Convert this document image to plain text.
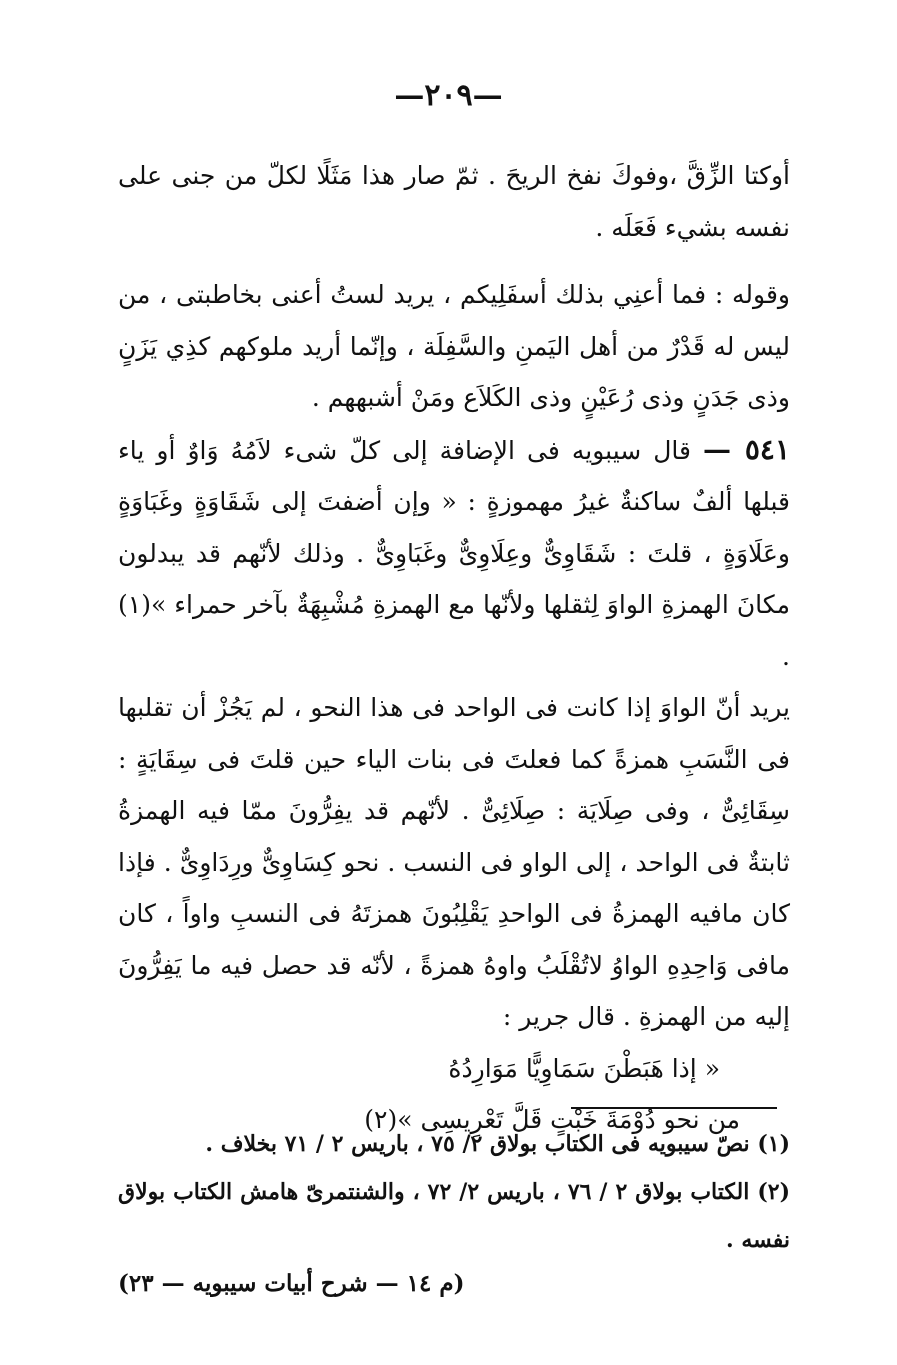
—٢٠٩—

أوكتا الزِّقَّ ،وفوكَ نفخ الريحَ . ثمّ صار هذا مَثَلًا لكلّ من جنى على نفسه بشيء فَعَلَه .

وقوله : فما أعنِي بذلك أسفَلِيكم ، يريد لستُ أعنى بخاطبتى ، من ليس له قَدْرٌ من أهل اليَمنِ والسَّفِلَة ، وإنّما أريد ملوكهم كذِي يَزَنٍ وذى جَدَنٍ وذى رُعَيْنٍ وذى الكَلاَع ومَنْ أشبههم .

٥٤١ — قال سيبويه فى الإضافة إلى كلّ شىء لاَمُهُ وَاوٌ أو ياء قبلها ألفٌ ساكنةٌ غيرُ مهموزةٍ : « وإن أضفتَ إلى شَقَاوَةٍ وغَبَاوَةٍ وعَلَاوَةٍ ، قلتَ : شَقَاوِىٌّ وعِلَاوِىٌّ وغَبَاوِىٌّ . وذلك لأنّهم قد يبدلون مكانَ الهمزةِ الواوَ لِثقلها ولأنّها مع الهمزةِ مُشْبِهَةٌ بآخر حمراء »(١) .

يريد أنّ الواوَ إذا كانت فى الواحد فى هذا النحو ، لم يَجُزْ أن تقلبها فى النَّسَبِ همزةً كما فعلتَ فى بنات الياء حين قلتَ فى سِقَايَةٍ : سِقَائِىٌّ ، وفى صِلَايَة : صِلَائِىٌّ . لأنّهم قد يفِرُّونَ ممّا فيه الهمزةُ ثابتةٌ فى الواحد ، إلى الواو فى النسب . نحو كِسَاوِىٌّ ورِدَاوِىٌّ . فإذا كان مافيه الهمزةُ فى الواحدِ يَقْلِبُونَ همزتَهُ فى النسبِ واواً ، كان مافى وَاحِدِهِ الواوُ لاتُقْلَبُ واوهُ همزةً ، لأنّه قد حصل فيه ما يَفِرُّونَ إليه من الهمزةِ . قال جرير :

« إذا هَبَطْنَ سَمَاوِيًّا مَوَارِدُهُ

من نحو دُوْمَةَ خَبْتٍ قَلَّ تَعْرِيسِى »(٢)

(١) نصّ سيبويه فى الكتاب بولاق ٢/ ٧٥ ، باريس ٢ / ٧١ بخلاف .

(٢) الكتاب بولاق ٢ / ٧٦ ، باريس ٢/ ٧٢ ، والشنتمرىّ هامش الكتاب بولاق نفسه .

(م ١٤ — شرح أبيات سيبويه — ٢٣)
